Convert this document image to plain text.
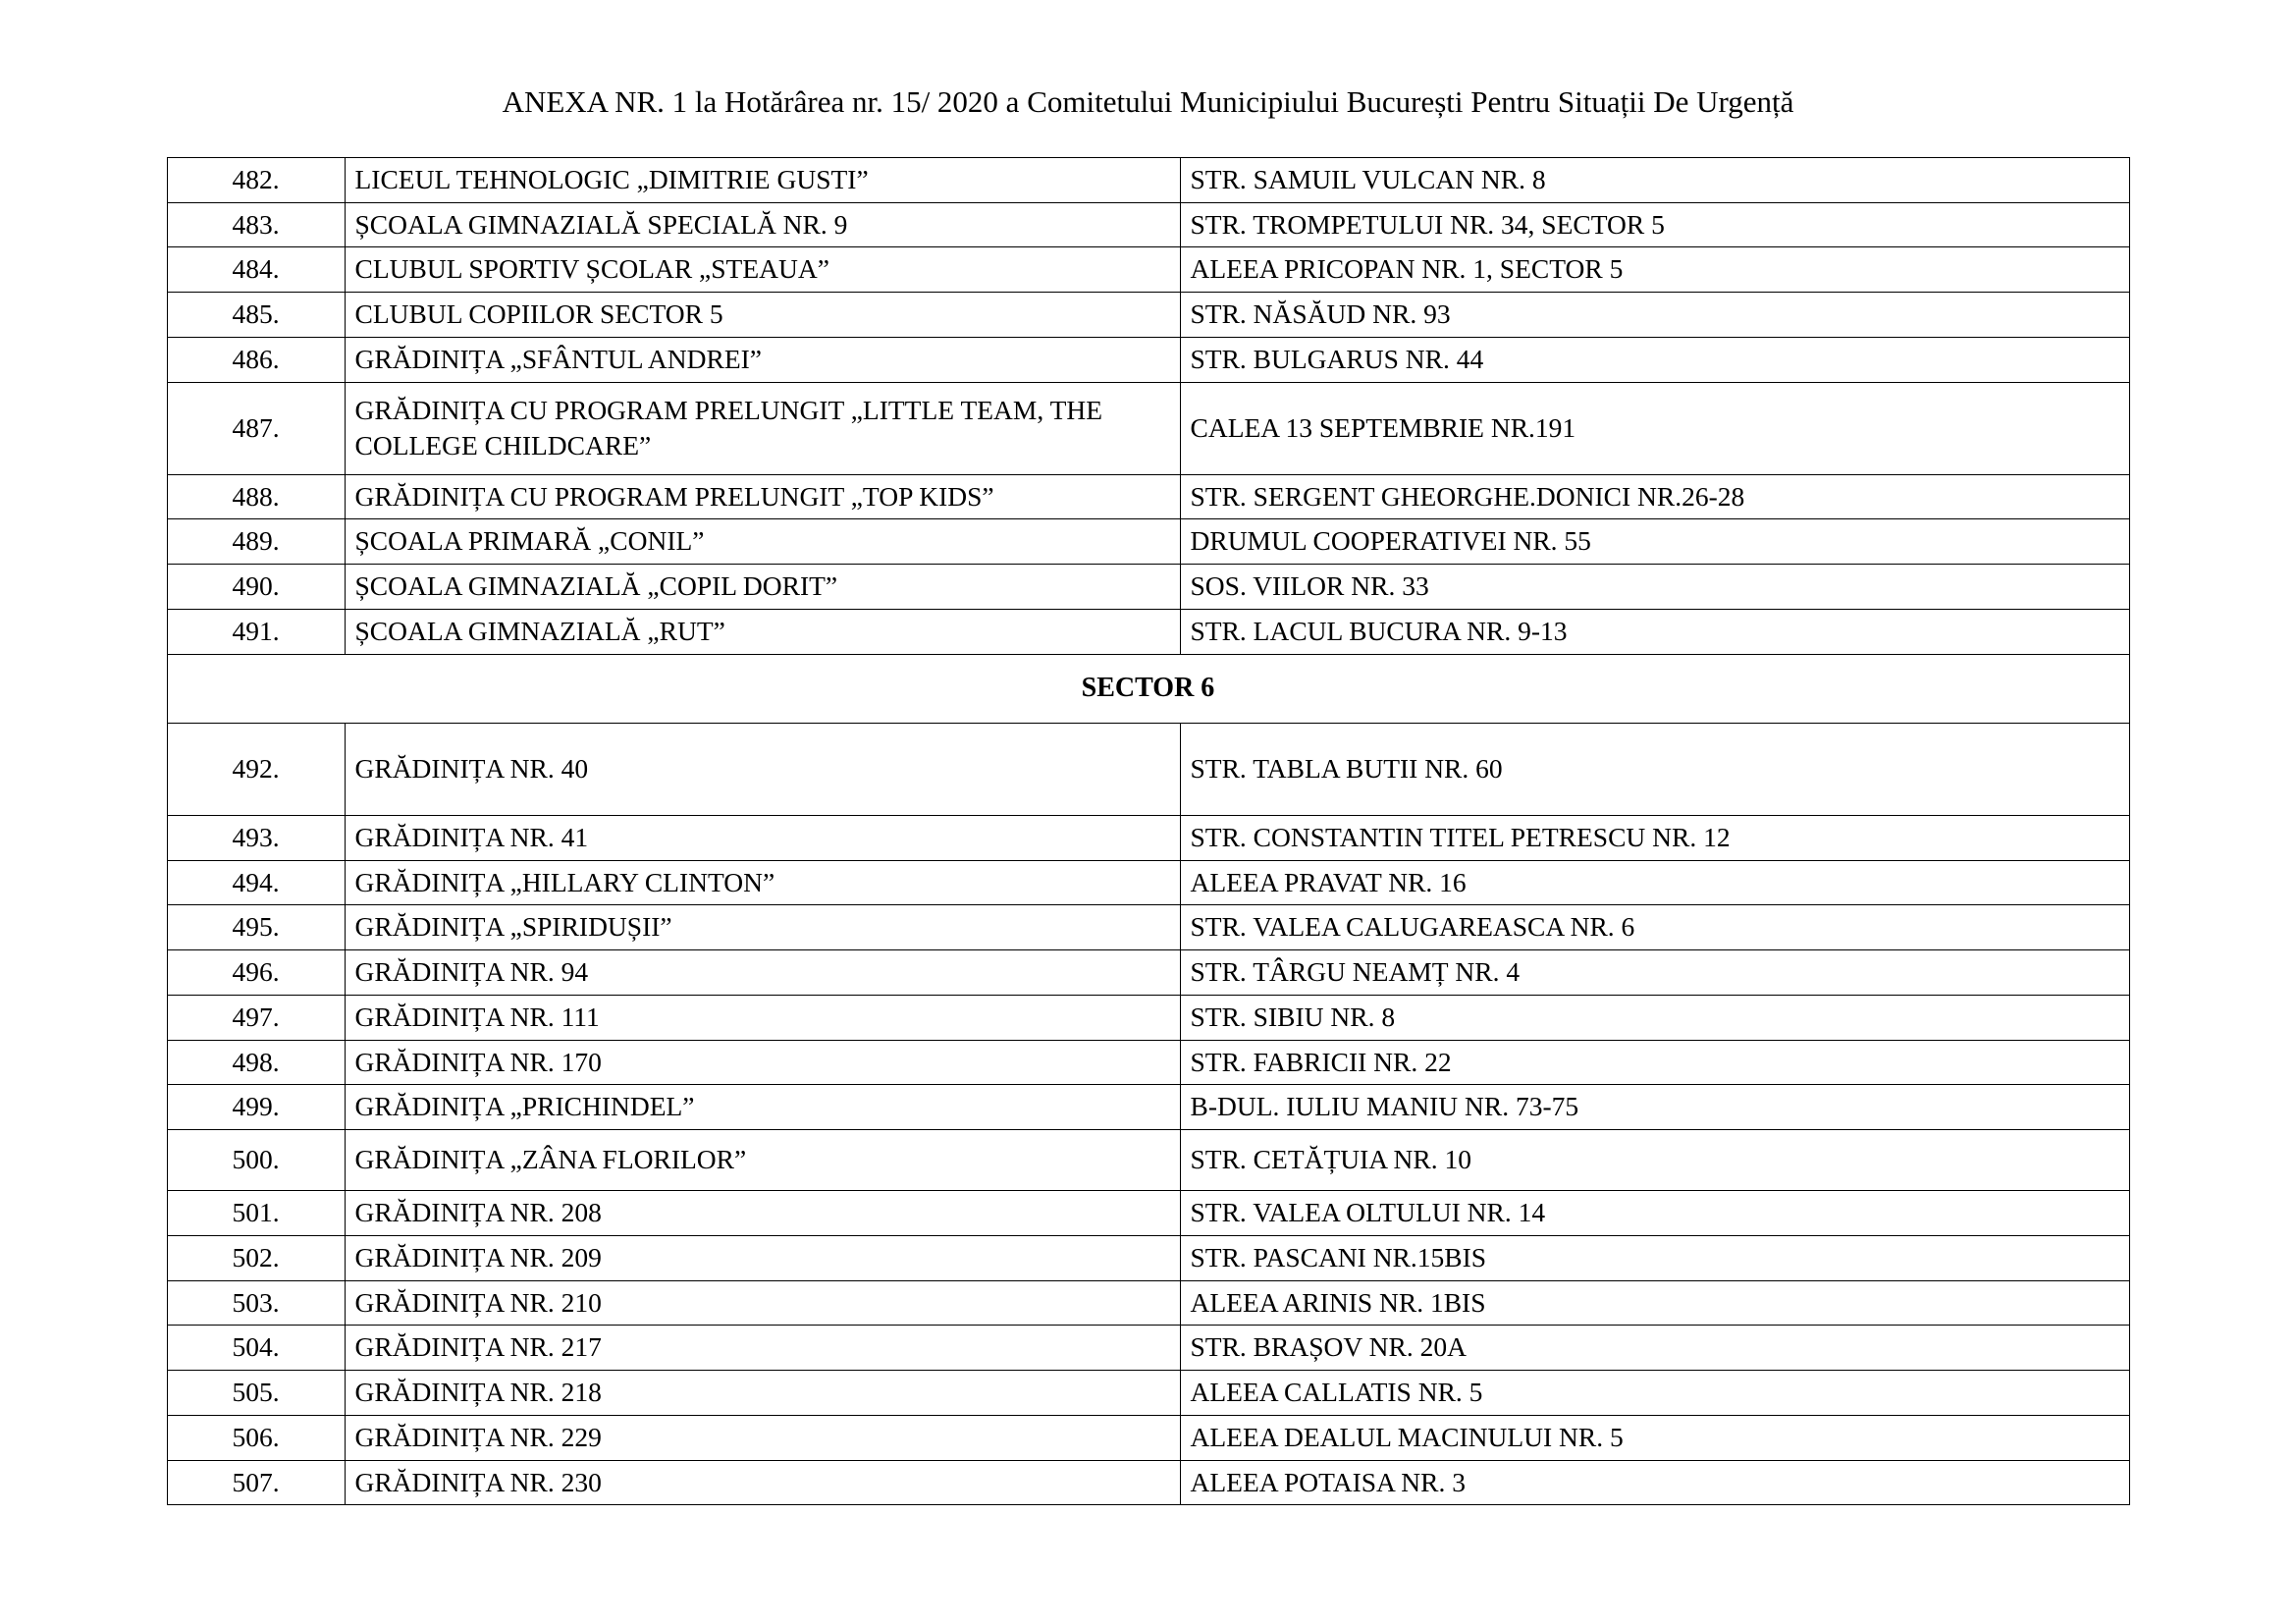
ANEXA NR. 1 la Hotărârea nr. 15/ 2020 a Comitetului Municipiului București Pentru Situații De Urgență
482.	LICEUL TEHNOLOGIC „DIMITRIE GUSTI”	STR. SAMUIL VULCAN NR. 8
483.	ȘCOALA GIMNAZIALĂ SPECIALĂ NR. 9	STR. TROMPETULUI NR. 34, SECTOR 5
484.	CLUBUL SPORTIV ȘCOLAR „STEAUA”	ALEEA PRICOPAN NR. 1, SECTOR 5
485.	CLUBUL COPIILOR SECTOR 5	STR. NĂSĂUD NR. 93
486.	GRĂDINIȚA „SFÂNTUL ANDREI”	STR. BULGARUS NR. 44
487.	GRĂDINIȚA CU PROGRAM PRELUNGIT „LITTLE TEAM, THE COLLEGE CHILDCARE”	CALEA 13 SEPTEMBRIE NR.191
488.	GRĂDINIȚA CU PROGRAM PRELUNGIT „TOP KIDS”	STR. SERGENT GHEORGHE.DONICI NR.26-28
489.	ȘCOALA PRIMARĂ „CONIL”	DRUMUL COOPERATIVEI NR. 55
490.	ȘCOALA GIMNAZIALĂ „COPIL DORIT”	SOS. VIILOR NR. 33
491.	ȘCOALA GIMNAZIALĂ „RUT”	STR. LACUL BUCURA NR. 9-13
SECTOR 6		
492.	GRĂDINIȚA NR. 40	STR. TABLA BUTII NR. 60
493.	GRĂDINIȚA NR. 41	STR. CONSTANTIN TITEL PETRESCU NR. 12
494.	GRĂDINIȚA „HILLARY CLINTON”	ALEEA PRAVAT NR. 16
495.	GRĂDINIȚA „SPIRIDUȘII”	STR. VALEA CALUGAREASCA NR. 6
496.	GRĂDINIȚA NR. 94	STR. TÂRGU NEAMȚ NR. 4
497.	GRĂDINIȚA NR. 111	STR. SIBIU NR. 8
498.	GRĂDINIȚA NR. 170	STR. FABRICII NR. 22
499.	GRĂDINIȚA „PRICHINDEL”	B-DUL. IULIU MANIU NR. 73-75
500.	GRĂDINIȚA „ZÂNA FLORILOR”	STR. CETĂȚUIA NR. 10
501.	GRĂDINIȚA NR. 208	STR. VALEA OLTULUI NR. 14
502.	GRĂDINIȚA NR. 209	STR. PASCANI NR.15BIS
503.	GRĂDINIȚA NR. 210	ALEEA ARINIS NR. 1BIS
504.	GRĂDINIȚA NR. 217	STR. BRAȘOV NR. 20A
505.	GRĂDINIȚA NR. 218	ALEEA CALLATIS NR. 5
506.	GRĂDINIȚA NR. 229	ALEEA DEALUL MACINULUI NR. 5
507.	GRĂDINIȚA NR. 230	ALEEA POTAISA NR. 3
